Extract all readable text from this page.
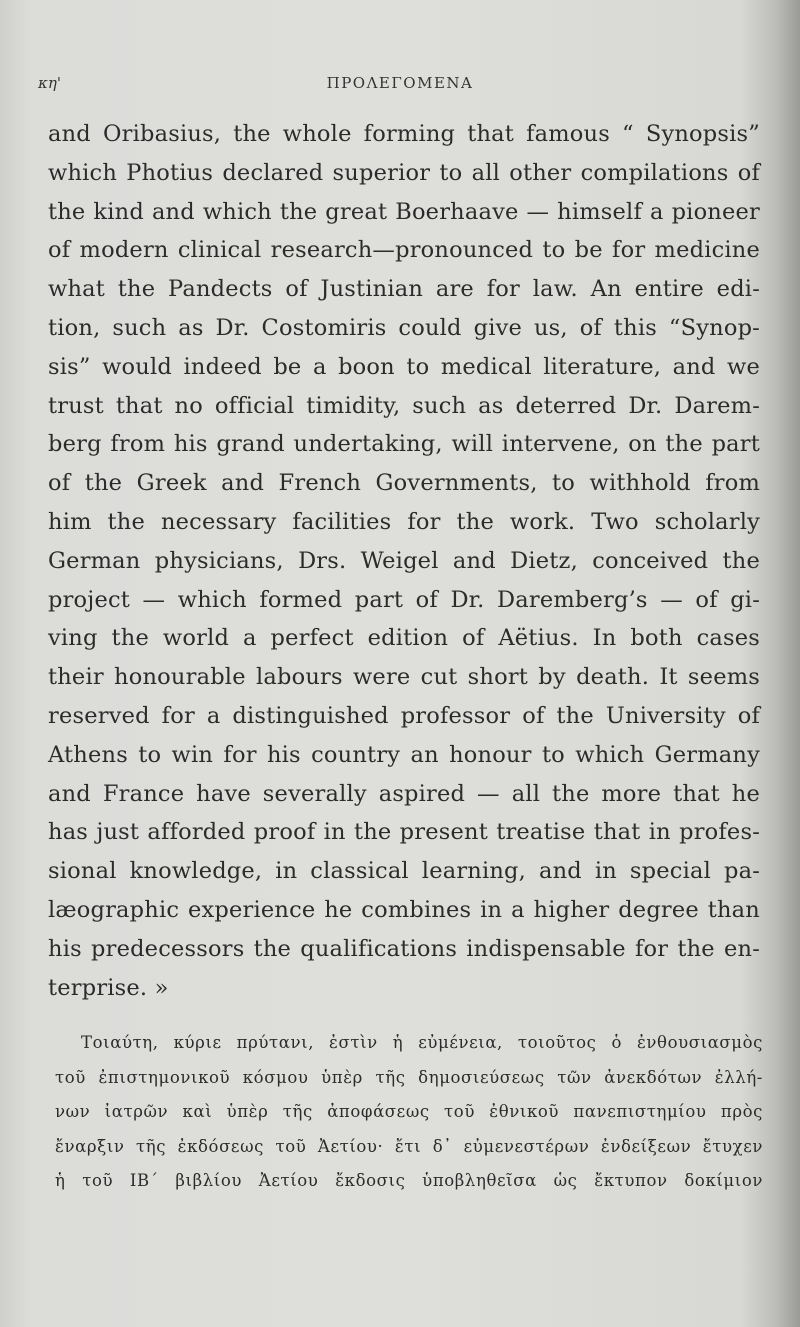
κη'	ΠΡΟΛΕΓΟΜΕΝΑ
and Oribasius, the whole forming that famous “ Synopsis”
which Photius declared superior to all other compilations of
the kind and which the great Boerhaave — himself a pioneer
of modern clinical research—pronounced to be for medicine
what the Pandects of Justinian are for law. An entire edi-
tion, such as Dr. Costomiris could give us, of this “Synop-
sis” would indeed be a boon to medical literature, and we
trust that no official timidity, such as deterred Dr. Darem-
berg from his grand undertaking, will intervene, on the part
of the Greek and French Governments, to withhold from
him the necessary facilities for the work. Two scholarly
German physicians, Drs. Weigel and Dietz, conceived the
project — which formed part of Dr. Daremberg’s — of gi-
ving the world a perfect edition of Aëtius. In both cases
their honourable labours were cut short by death. It seems
reserved for a distinguished professor of the University of
Athens to win for his country an honour to which Germany
and France have severally aspired — all the more that he
has just afforded proof in the present treatise that in profes-
sional knowledge, in classical learning, and in special pa-
læographic experience he combines in a higher degree than
his predecessors the qualifications indispensable for the en-
terprise. »
Τοιαύτη, κύριε πρύτανι, ἐστὶν ἡ εὐμένεια, τοιοῦτος ὁ ἐνθουσιασμὸς
τοῦ ἐπιστημονικοῦ κόσμου ὑπὲρ τῆς δημοσιεύσεως τῶν ἀνεκδότων ἐλλή-
νων ἰατρῶν καὶ ὑπὲρ τῆς ἀποφάσεως τοῦ ἐθνικοῦ πανεπιστημίου πρὸς
ἔναρξιν τῆς ἐκδόσεως τοῦ Ἀετίου· ἔτι δ᾽ εὐμενεστέρων ἐνδείξεων ἔτυχεν
ἡ τοῦ ΙΒ΄ βιβλίου Ἀετίου ἔκδοσις ὑποβληθεῖσα ὡς ἔκτυπον δοκίμιον
